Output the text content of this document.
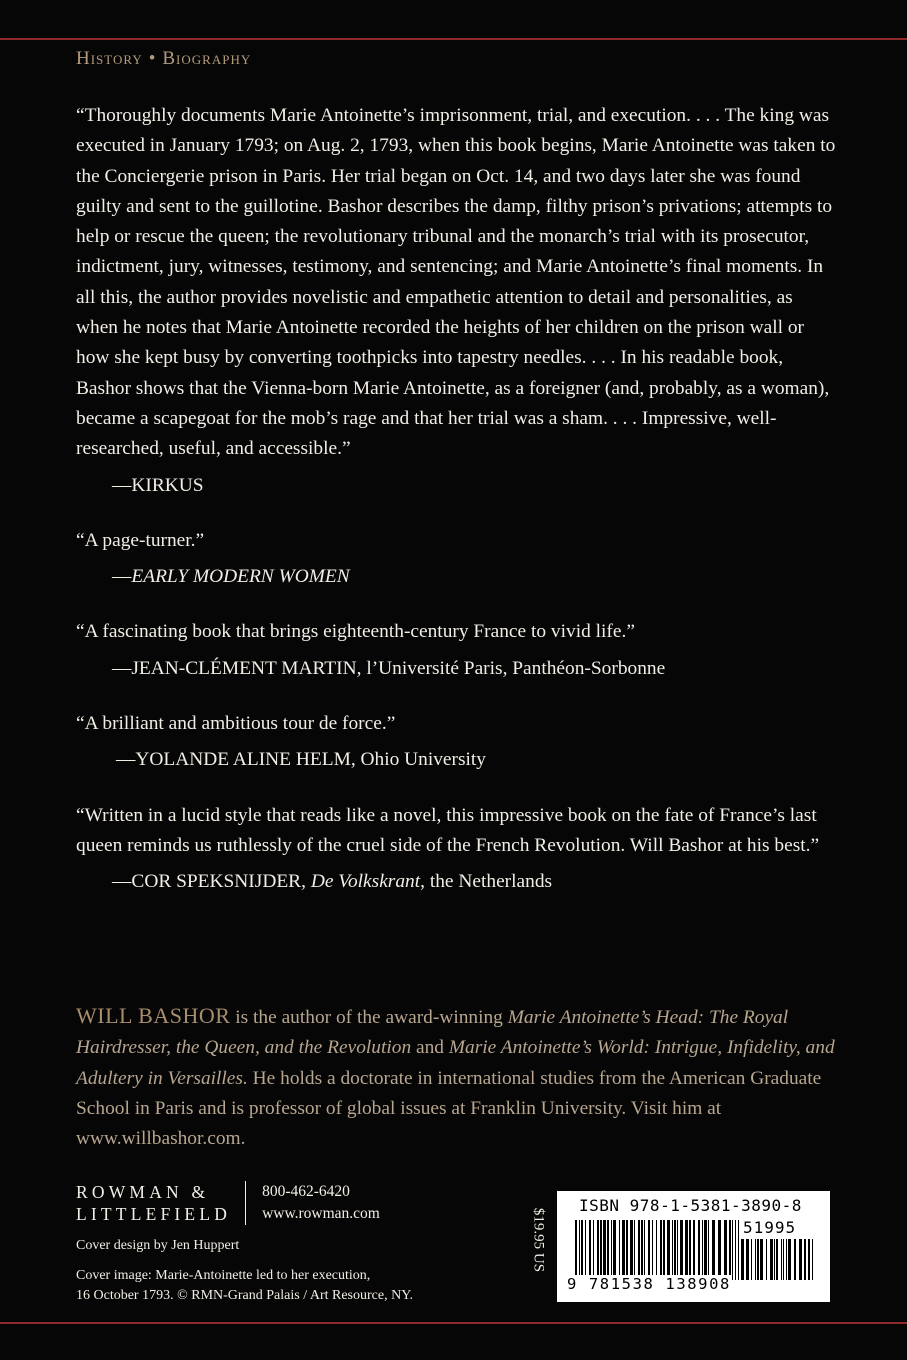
History • Biography
“Thoroughly documents Marie Antoinette’s imprisonment, trial, and execution. . . . The king was executed in January 1793; on Aug. 2, 1793, when this book begins, Marie Antoinette was taken to the Conciergerie prison in Paris. Her trial began on Oct. 14, and two days later she was found guilty and sent to the guillotine. Bashor describes the damp, filthy prison’s privations; attempts to help or rescue the queen; the revolutionary tribunal and the monarch’s trial with its prosecutor, indictment, jury, witnesses, testimony, and sentencing; and Marie Antoinette’s final moments. In all this, the author provides novelistic and empathetic attention to detail and personalities, as when he notes that Marie Antoinette recorded the heights of her children on the prison wall or how she kept busy by converting toothpicks into tapestry needles. . . . In his readable book, Bashor shows that the Vienna-born Marie Antoinette, as a foreigner (and, probably, as a woman), became a scapegoat for the mob’s rage and that her trial was a sham. . . . Impressive, well-researched, useful, and accessible.”
—KIRKUS
“A page-turner.”
—EARLY MODERN WOMEN
“A fascinating book that brings eighteenth-century France to vivid life.”
—JEAN-CLÉMENT MARTIN, l’Université Paris, Panthéon-Sorbonne
“A brilliant and ambitious tour de force.”
—YOLANDE ALINE HELM, Ohio University
“Written in a lucid style that reads like a novel, this impressive book on the fate of France’s last queen reminds us ruthlessly of the cruel side of the French Revolution. Will Bashor at his best.”
—COR SPEKSNIJDER, De Volkskrant, the Netherlands
WILL BASHOR is the author of the award-winning Marie Antoinette’s Head: The Royal Hairdresser, the Queen, and the Revolution and Marie Antoinette’s World: Intrigue, Infidelity, and Adultery in Versailles. He holds a doctorate in international studies from the American Graduate School in Paris and is professor of global issues at Franklin University. Visit him at www.willbashor.com.
ROWMAN &
LITTLEFIELD
800-462-6420
www.rowman.com
Cover design by Jen Huppert
Cover image: Marie-Antoinette led to her execution,
16 October 1793. © RMN-Grand Palais / Art Resource, NY.
$19.95 US
ISBN 978-1-5381-3890-8
51995
9 781538 138908
